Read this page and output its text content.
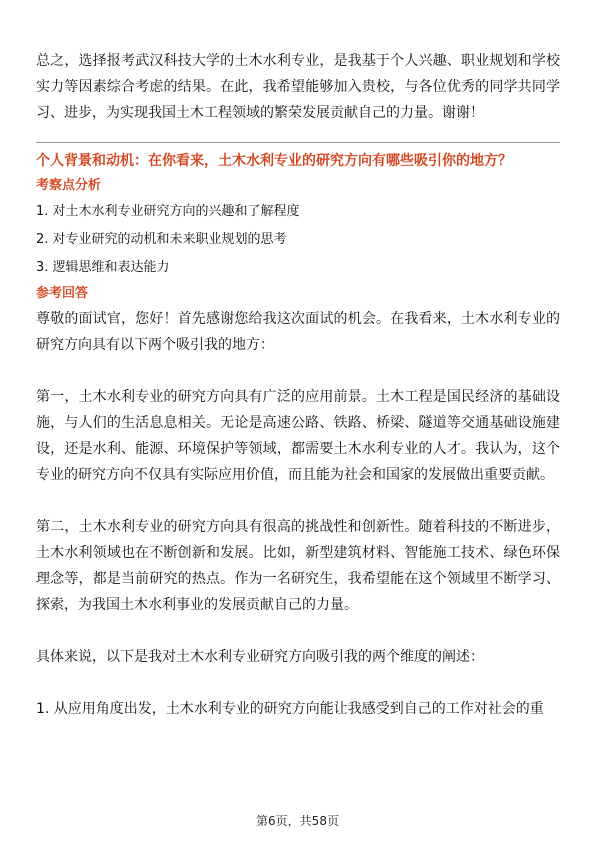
总之，选择报考武汉科技大学的土木水利专业，是我基于个人兴趣、职业规划和学校实力等因素综合考虑的结果。在此，我希望能够加入贵校，与各位优秀的同学共同学习、进步，为实现我国土木工程领域的繁荣发展贡献自己的力量。谢谢！

个人背景和动机：在你看来，土木水利专业的研究方向有哪些吸引你的地方？

考察点分析

1. 对土木水利专业研究方向的兴趣和了解程度

2. 对专业研究的动机和未来职业规划的思考

3. 逻辑思维和表达能力

参考回答

尊敬的面试官，您好！首先感谢您给我这次面试的机会。在我看来，土木水利专业的研究方向具有以下两个吸引我的地方：

第一，土木水利专业的研究方向具有广泛的应用前景。土木工程是国民经济的基础设施，与人们的生活息息相关。无论是高速公路、铁路、桥梁、隧道等交通基础设施建设，还是水利、能源、环境保护等领域，都需要土木水利专业的人才。我认为，这个专业的研究方向不仅具有实际应用价值，而且能为社会和国家的发展做出重要贡献。

第二，土木水利专业的研究方向具有很高的挑战性和创新性。随着科技的不断进步，土木水利领域也在不断创新和发展。比如，新型建筑材料、智能施工技术、绿色环保理念等，都是当前研究的热点。作为一名研究生，我希望能在这个领域里不断学习、探索，为我国土木水利事业的发展贡献自己的力量。

具体来说，以下是我对土木水利专业研究方向吸引我的两个维度的阐述：

1. 从应用角度出发，土木水利专业的研究方向能让我感受到自己的工作对社会的重

第6页，共58页
